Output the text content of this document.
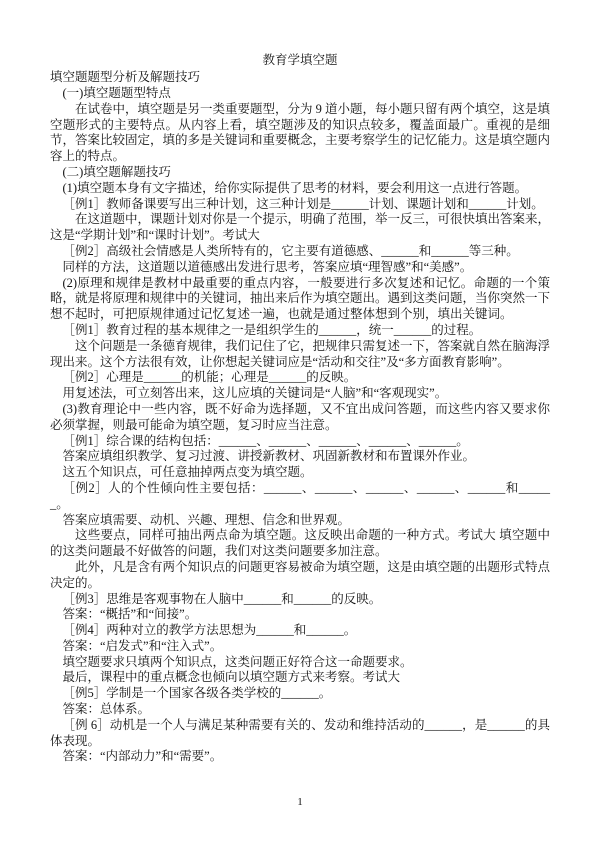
教育学填空题
填空题题型分析及解题技巧

(一)填空题题型特点

在试卷中，填空题是另一类重要题型，分为 9 道小题，每小题只留有两个填空，这是填空题形式的主要特点。从内容上看，填空题涉及的知识点较多，覆盖面最广。重视的是细节，答案比较固定，填的多是关键词和重要概念，主要考察学生的记忆能力。这是填空题内容上的特点。

(二)填空题解题技巧

(1)填空题本身有文字描述，给你实际提供了思考的材料，要会利用这一点进行答题。

［例1］教师备课要写出三种计划，这三种计划是______计划、课题计划和______计划。

在这道题中，课题计划对你是一个提示，明确了范围，举一反三，可很快填出答案来，这是“学期计划”和“课时计划”。考试大

［例2］高级社会情感是人类所特有的，它主要有道德感、______和______等三种。

同样的方法，这道题以道德感出发进行思考，答案应填“理智感”和“美感”。

(2)原理和规律是教材中最重要的重点内容，一般要进行多次复述和记忆。命题的一个策略，就是将原理和规律中的关键词，抽出来后作为填空题出。遇到这类问题，当你突然一下想不起时，可把原规律通过记忆复述一遍，也就是通过整体想到个别，填出关键词。

［例1］教育过程的基本规律之一是组织学生的______，统一______的过程。

这个问题是一条德育规律，我们记住了它，把规律只需复述一下，答案就自然在脑海浮现出来。这个方法很有效，让你想起关键词应是“活动和交往”及“多方面教育影响”。

［例2］心理是______的机能；心理是______的反映。

用复述法，可立刻答出来，这儿应填的关键词是“人脑”和“客观现实”。

(3)教育理论中一些内容，既不好命为选择题，又不宜出成问答题，而这些内容又要求你必须掌握，则最可能命为填空题，复习时应当注意。

［例1］综合课的结构包括：______、______、______、______、______。

答案应填组织教学、复习过渡、讲授新教材、巩固新教材和布置课外作业。

这五个知识点，可任意抽掉两点变为填空题。

［例2］人的个性倾向性主要包括：______、______、______、______、______和______。

答案应填需要、动机、兴趣、理想、信念和世界观。

这些要点，同样可抽出两点命为填空题。这反映出命题的一种方式。考试大 填空题中的这类问题最不好做答的问题，我们对这类问题要多加注意。

此外，凡是含有两个知识点的问题更容易被命为填空题，这是由填空题的出题形式特点决定的。

［例3］思维是客观事物在人脑中______和______的反映。

答案：“概括”和“间接”。

［例4］两种对立的教学方法思想为______和______。

答案：“启发式”和“注入式”。

填空题要求只填两个知识点，这类问题正好符合这一命题要求。

最后，课程中的重点概念也倾向以填空题方式来考察。考试大

［例5］学制是一个国家各级各类学校的______。

答案：总体系。

［例 6］动机是一个人与满足某种需要有关的、发动和维持活动的______，是______的具体表现。

答案：“内部动力”和“需要”。

1
